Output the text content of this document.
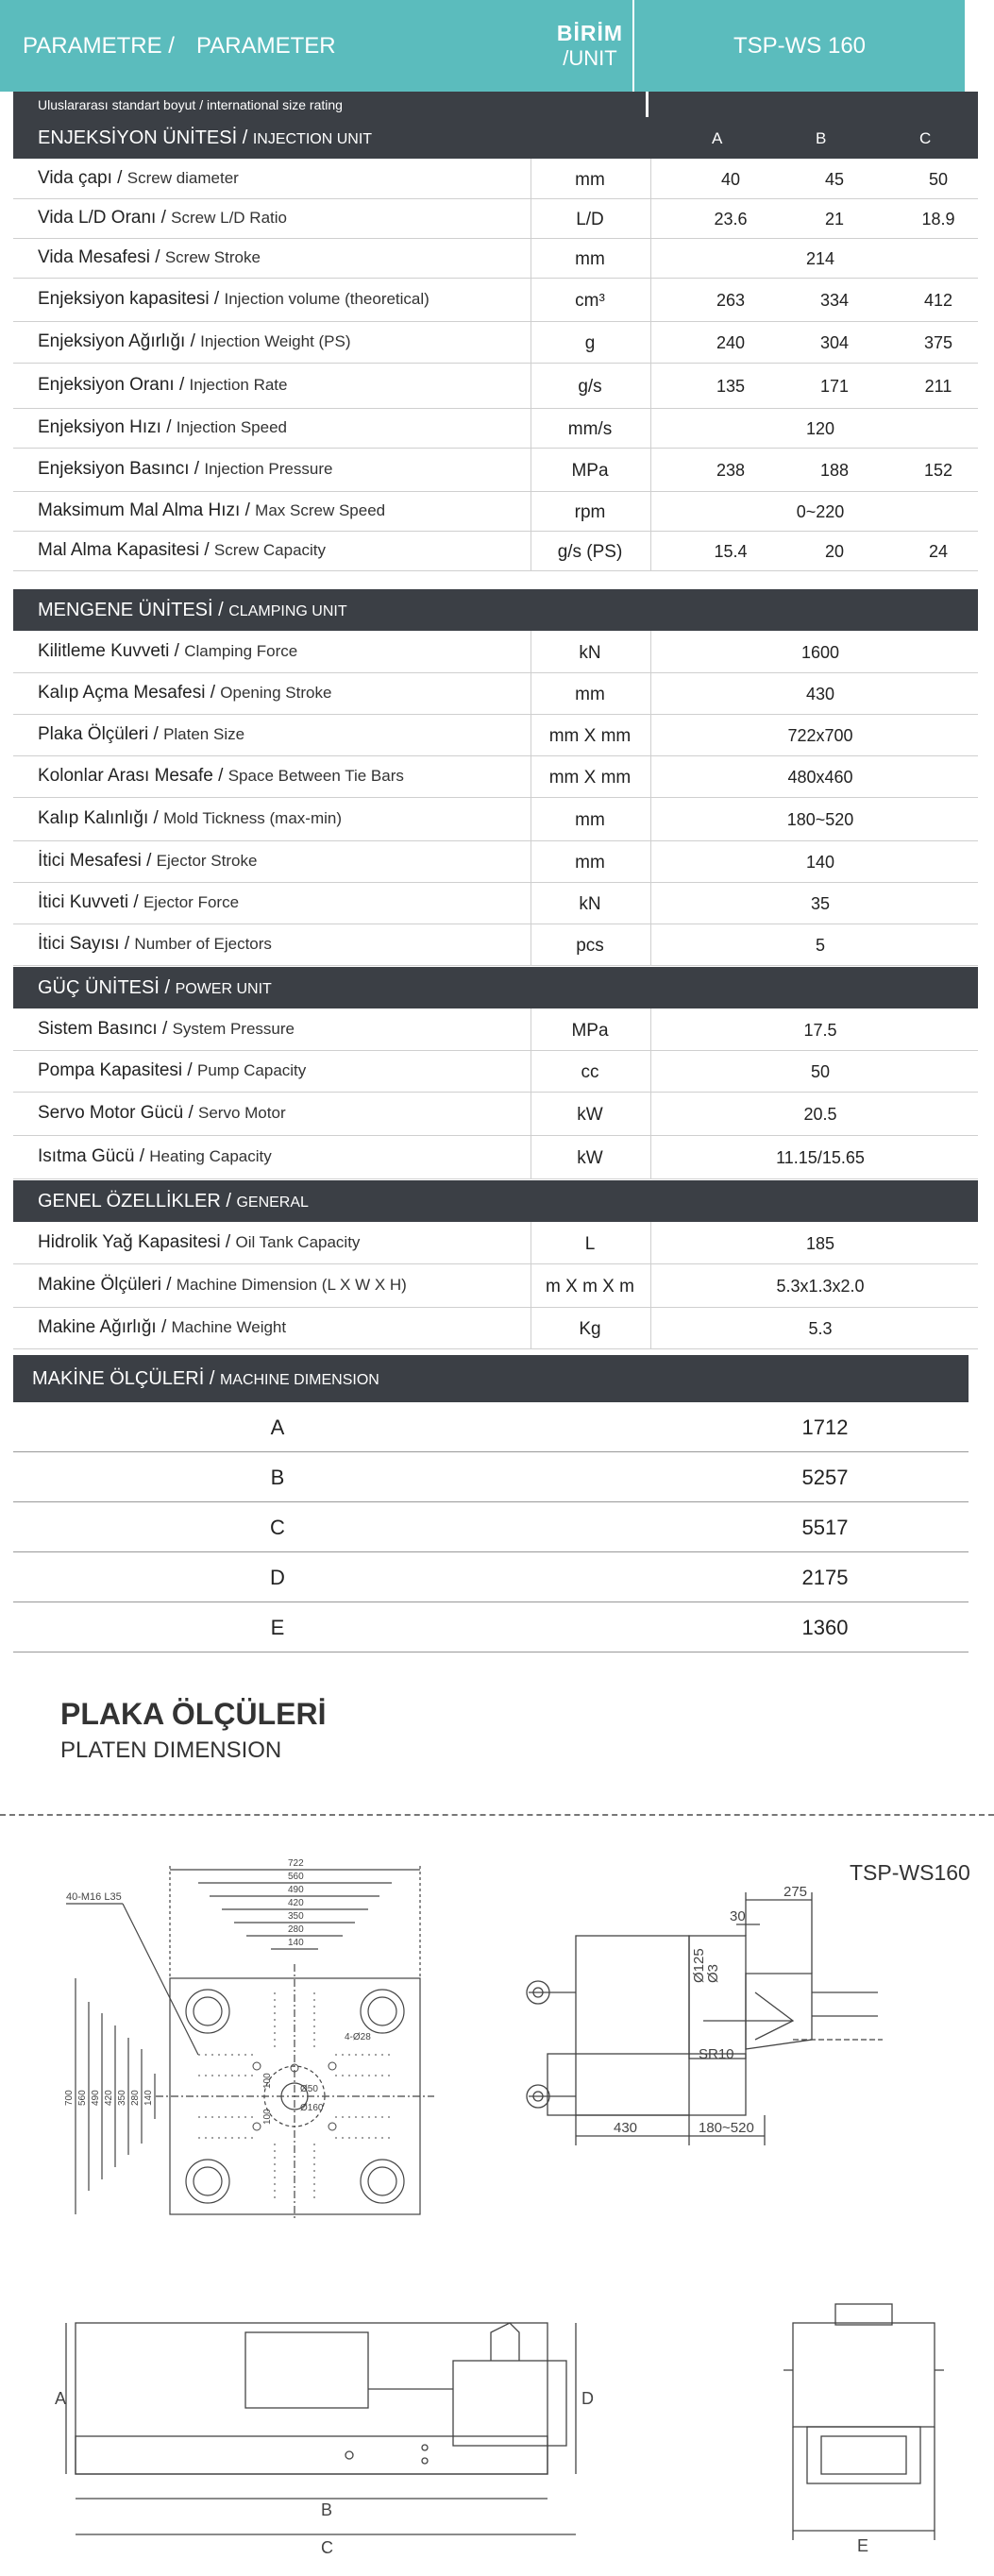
PARAMETRE / PARAMETER	BİRİM
/UNIT	TSP-WS 160
Uluslararası standart boyut / international size rating
ENJEKSİYON ÜNİTESİ / INJECTION UNIT	A	B	C
Vida çapı / Screw diameter	mm	40	45	50
Vida L/D Oranı / Screw L/D Ratio	L/D	23.6	21	18.9
Vida Mesafesi / Screw Stroke	mm	214
Enjeksiyon kapasitesi / Injection volume (theoretical)	cm³	263	334	412
Enjeksiyon Ağırlığı / Injection Weight (PS)	g	240	304	375
Enjeksiyon Oranı / Injection Rate	g/s	135	171	211
Enjeksiyon Hızı / Injection Speed	mm/s	120
Enjeksiyon Basıncı / Injection Pressure	MPa	238	188	152
Maksimum Mal Alma Hızı / Max Screw Speed	rpm	0~220
Mal Alma Kapasitesi / Screw Capacity	g/s (PS)	15.4	20	24
MENGENE ÜNİTESİ / CLAMPING UNIT
Kilitleme Kuvveti / Clamping Force	kN	1600
Kalıp Açma Mesafesi / Opening Stroke	mm	430
Plaka Ölçüleri / Platen Size	mm X mm	722x700
Kolonlar Arası Mesafe / Space Between Tie Bars	mm X mm	480x460
Kalıp Kalınlığı / Mold Tickness (max-min)	mm	180~520
İtici Mesafesi / Ejector Stroke	mm	140
İtici Kuvveti / Ejector Force	kN	35
İtici Sayısı / Number of Ejectors	pcs	5
GÜÇ ÜNİTESİ / POWER UNIT
Sistem Basıncı / System Pressure	MPa	17.5
Pompa Kapasitesi / Pump Capacity	cc	50
Servo Motor Gücü / Servo Motor	kW	20.5
Isıtma Gücü / Heating Capacity	kW	11.15/15.65
GENEL ÖZELLİKLER / GENERAL
Hidrolik Yağ Kapasitesi / Oil Tank Capacity	L	185
Makine Ölçüleri / Machine Dimension (L X W X H)	m X m X m	5.3x1.3x2.0
Makine Ağırlığı / Machine Weight	Kg	5.3
MAKİNE ÖLÇÜLERİ / MACHINE DIMENSION
A	1712
B	5257
C	5517
D	2175
E	1360
PLAKA ÖLÇÜLERİ
PLATEN DIMENSION
TSP-WS160
722
560
490
420
350
280
140
700 560 490 420 350 280 140
40-M16 L35
4-Ø28
Ø50
Ø160
100
100
275
30
Ø125
Ø3
SR10
430	180~520
A
B
C
D
E
